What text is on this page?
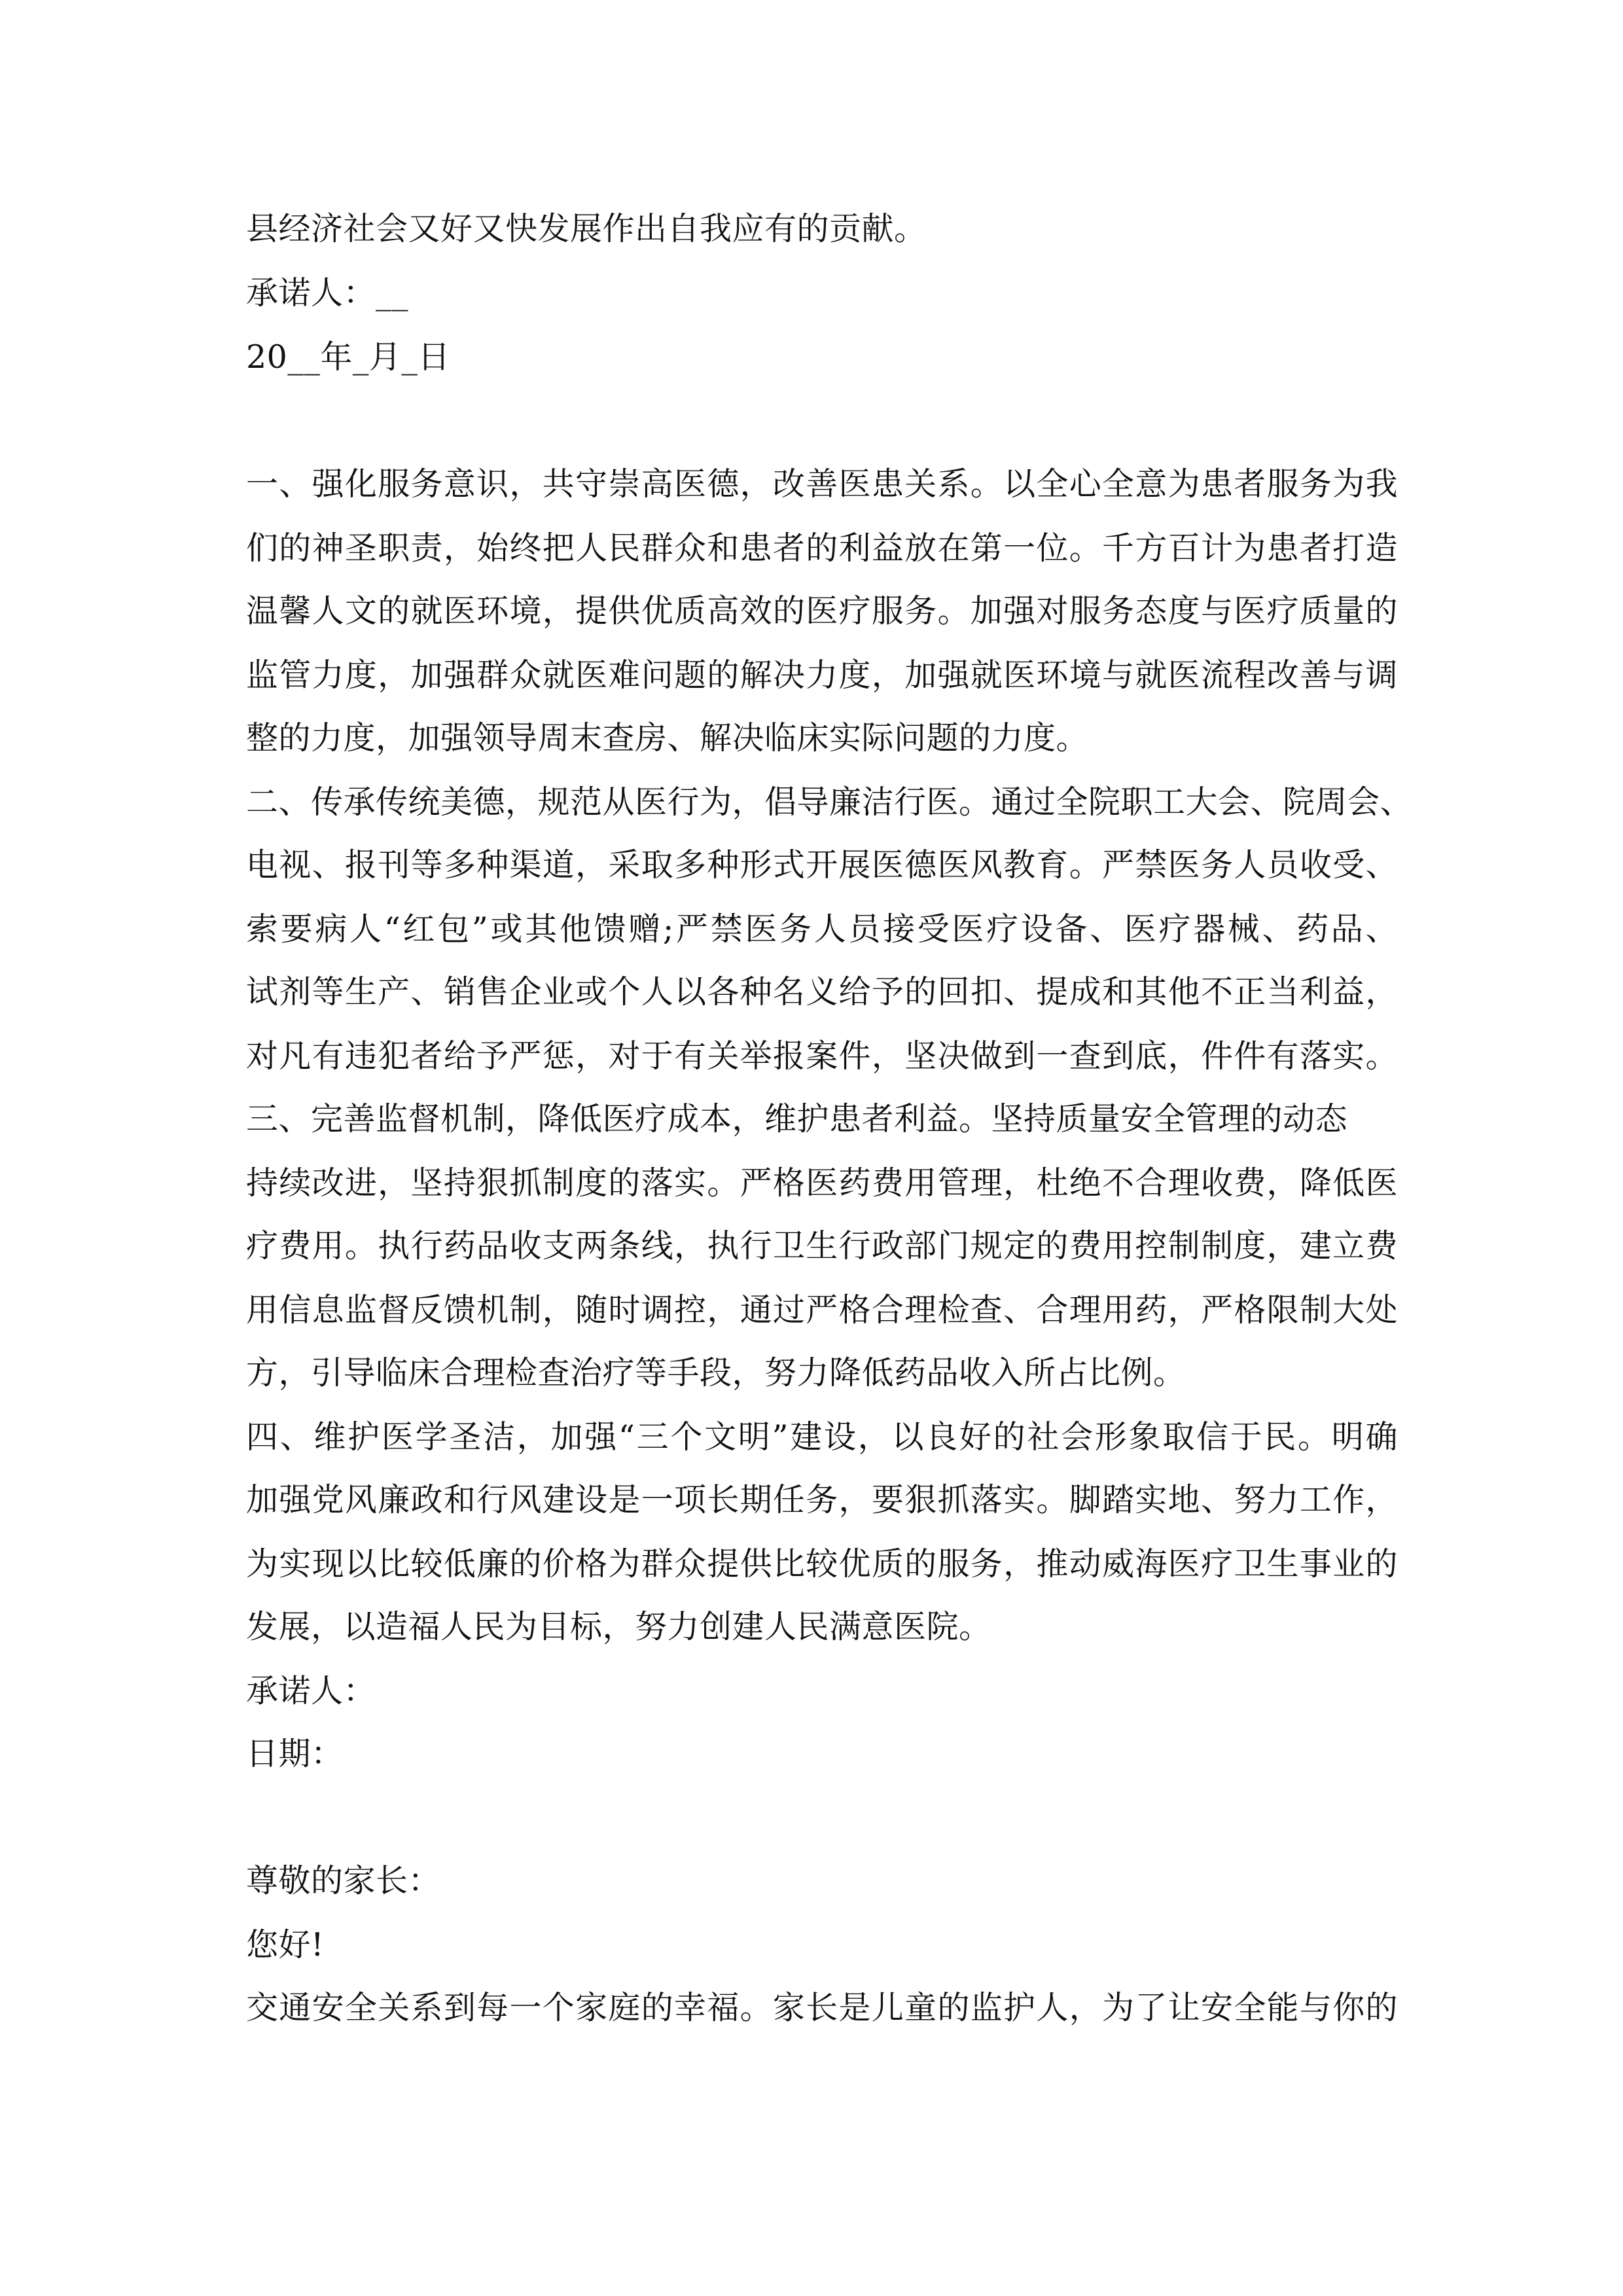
县经济社会又好又快发展作出自我应有的贡献。
承诺人：__
20__年_月_日
一、强化服务意识，共守崇高医德，改善医患关系。以全心全意为患者服务为我
们的神圣职责，始终把人民群众和患者的利益放在第一位。千方百计为患者打造
温馨人文的就医环境，提供优质高效的医疗服务。加强对服务态度与医疗质量的
监管力度，加强群众就医难问题的解决力度，加强就医环境与就医流程改善与调
整的力度，加强领导周末查房、解决临床实际问题的力度。
二、传承传统美德，规范从医行为，倡导廉洁行医。通过全院职工大会、院周会、
电视、报刊等多种渠道，采取多种形式开展医德医风教育。严禁医务人员收受、
索要病人“红包”或其他馈赠;严禁医务人员接受医疗设备、医疗器械、药品、
试剂等生产、销售企业或个人以各种名义给予的回扣、提成和其他不正当利益，
对凡有违犯者给予严惩，对于有关举报案件，坚决做到一查到底，件件有落实。
三、完善监督机制，降低医疗成本，维护患者利益。坚持质量安全管理的动态
持续改进，坚持狠抓制度的落实。严格医药费用管理，杜绝不合理收费，降低医
疗费用。执行药品收支两条线，执行卫生行政部门规定的费用控制制度，建立费
用信息监督反馈机制，随时调控，通过严格合理检查、合理用药，严格限制大处
方，引导临床合理检查治疗等手段，努力降低药品收入所占比例。
四、维护医学圣洁，加强“三个文明”建设，以良好的社会形象取信于民。明确
加强党风廉政和行风建设是一项长期任务，要狠抓落实。脚踏实地、努力工作，
为实现以比较低廉的价格为群众提供比较优质的服务，推动威海医疗卫生事业的
发展，以造福人民为目标，努力创建人民满意医院。
承诺人：
日期：
尊敬的家长：
您好!
交通安全关系到每一个家庭的幸福。家长是儿童的监护人，为了让安全能与你的
